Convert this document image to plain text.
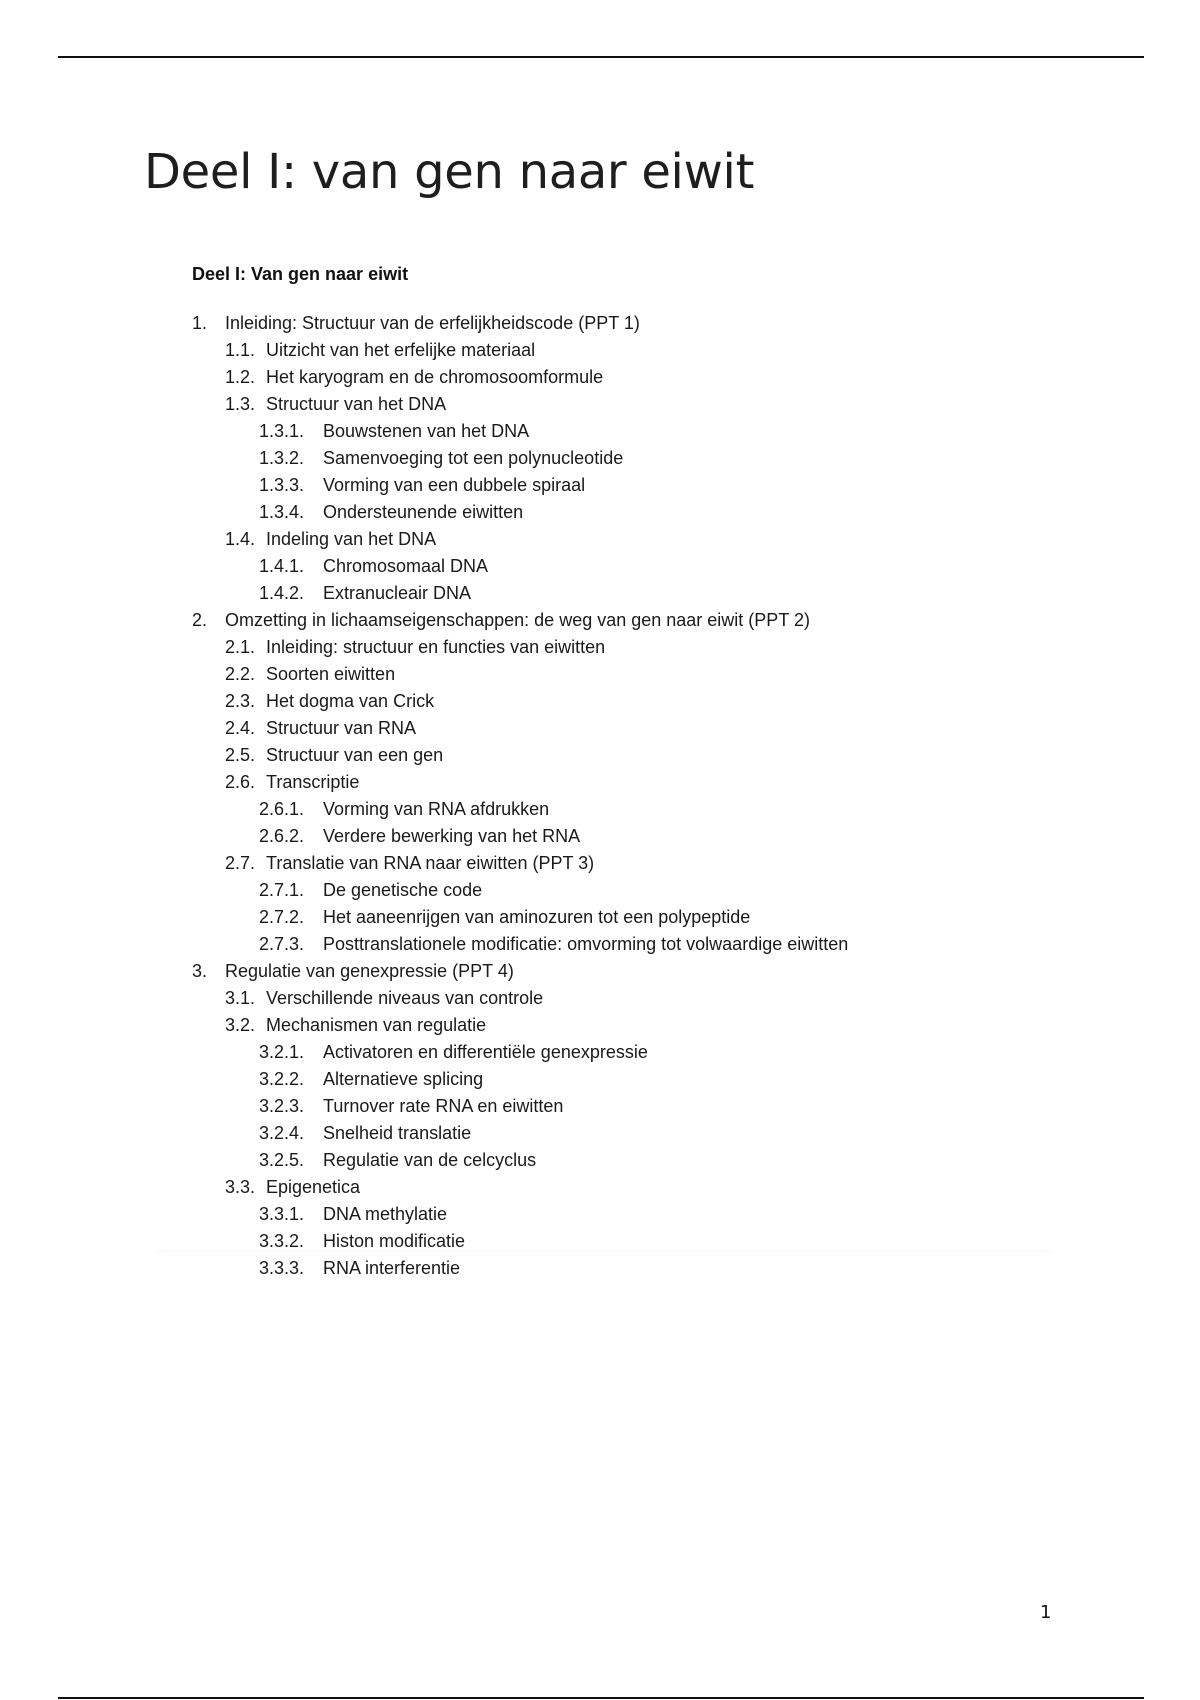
Deel I: van gen naar eiwit
Deel I: Van gen naar eiwit
1. Inleiding: Structuur van de erfelijkheidscode (PPT 1)
1.1. Uitzicht van het erfelijke materiaal
1.2. Het karyogram en de chromosoomformule
1.3. Structuur van het DNA
1.3.1. Bouwstenen van het DNA
1.3.2. Samenvoeging tot een polynucleotide
1.3.3. Vorming van een dubbele spiraal
1.3.4. Ondersteunende eiwitten
1.4. Indeling van het DNA
1.4.1. Chromosomaal DNA
1.4.2. Extranucleair DNA
2. Omzetting in lichaamseigenschappen: de weg van gen naar eiwit (PPT 2)
2.1. Inleiding: structuur en functies van eiwitten
2.2. Soorten eiwitten
2.3. Het dogma van Crick
2.4. Structuur van RNA
2.5. Structuur van een gen
2.6. Transcriptie
2.6.1. Vorming van RNA afdrukken
2.6.2. Verdere bewerking van het RNA
2.7. Translatie van RNA naar eiwitten (PPT 3)
2.7.1. De genetische code
2.7.2. Het aaneenrijgen van aminozuren tot een polypeptide
2.7.3. Posttranslationele modificatie: omvorming tot volwaardige eiwitten
3. Regulatie van genexpressie (PPT 4)
3.1. Verschillende niveaus van controle
3.2. Mechanismen van regulatie
3.2.1. Activatoren en differentiële genexpressie
3.2.2. Alternatieve splicing
3.2.3. Turnover rate RNA en eiwitten
3.2.4. Snelheid translatie
3.2.5. Regulatie van de celcyclus
3.3. Epigenetica
3.3.1. DNA methylatie
3.3.2. Histon modificatie
3.3.3. RNA interferentie
1
